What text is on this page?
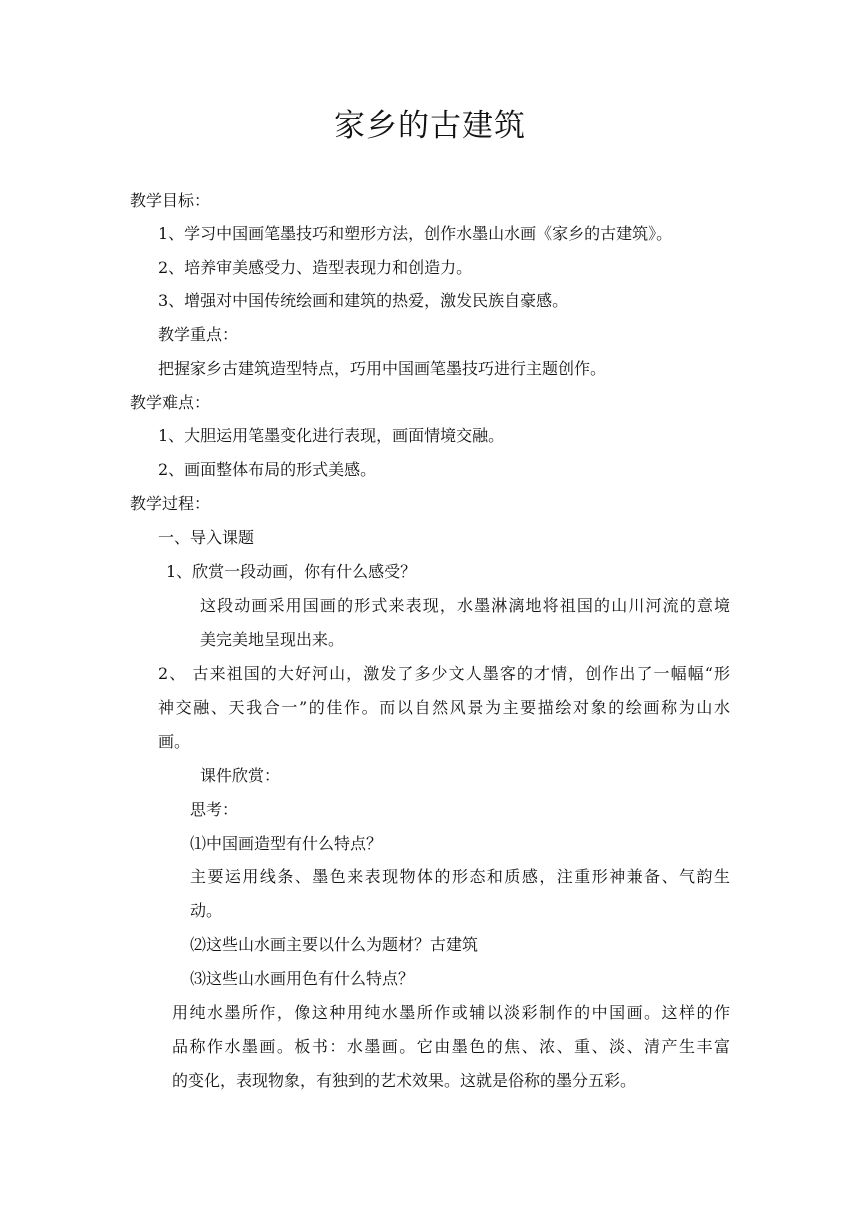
家乡的古建筑
教学目标：
1、学习中国画笔墨技巧和塑形方法，创作水墨山水画《家乡的古建筑》。
2、培养审美感受力、造型表现力和创造力。
3、增强对中国传统绘画和建筑的热爱，激发民族自豪感。
教学重点：
把握家乡古建筑造型特点，巧用中国画笔墨技巧进行主题创作。
教学难点：
1、大胆运用笔墨变化进行表现，画面情境交融。
2、画面整体布局的形式美感。
教学过程：
一、导入课题
1、欣赏一段动画，你有什么感受？
这段动画采用国画的形式来表现，水墨淋漓地将祖国的山川河流的意境
美完美地呈现出来。
2、 古来祖国的大好河山，激发了多少文人墨客的才情，创作出了一幅幅“形
神交融、天我合一”的佳作。而以自然风景为主要描绘对象的绘画称为山水
画。
课件欣赏：
思考：
⑴中国画造型有什么特点？
主要运用线条、墨色来表现物体的形态和质感，注重形神兼备、气韵生
动。
⑵这些山水画主要以什么为题材？古建筑
⑶这些山水画用色有什么特点？
用纯水墨所作，像这种用纯水墨所作或辅以淡彩制作的中国画。这样的作
品称作水墨画。板书：水墨画。它由墨色的焦、浓、重、淡、清产生丰富
的变化，表现物象，有独到的艺术效果。这就是俗称的墨分五彩。
